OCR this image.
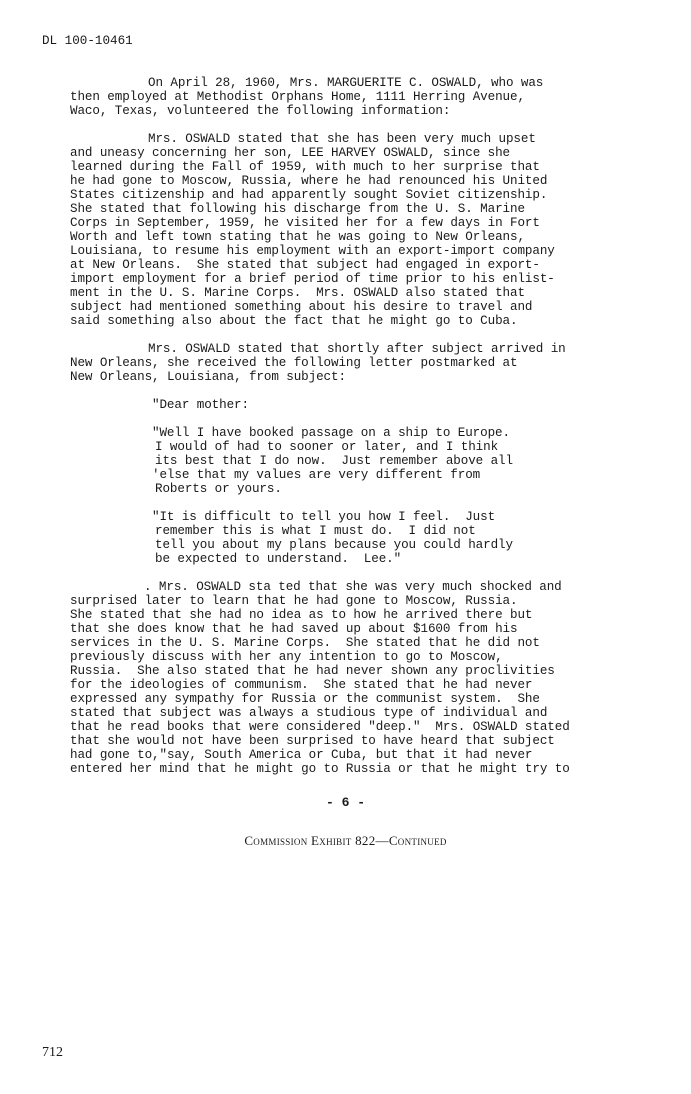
DL 100-10461
On April 28, 1960, Mrs. MARGUERITE C. OSWALD, who was
then employed at Methodist Orphans Home, 1111 Herring Avenue,
Waco, Texas, volunteered the following information:
Mrs. OSWALD stated that she has been very much upset
and uneasy concerning her son, LEE HARVEY OSWALD, since she
learned during the Fall of 1959, with much to her surprise that
he had gone to Moscow, Russia, where he had renounced his United
States citizenship and had apparently sought Soviet citizenship.
She stated that following his discharge from the U. S. Marine
Corps in September, 1959, he visited her for a few days in Fort
Worth and left town stating that he was going to New Orleans,
Louisiana, to resume his employment with an export-import company
at New Orleans.  She stated that subject had engaged in export-
import employment for a brief period of time prior to his enlist-
ment in the U. S. Marine Corps.  Mrs. OSWALD also stated that
subject had mentioned something about his desire to travel and
said something also about the fact that he might go to Cuba.
Mrs. OSWALD stated that shortly after subject arrived in
New Orleans, she received the following letter postmarked at
New Orleans, Louisiana, from subject:
"Dear mother:
"Well I have booked passage on a ship to Europe.
I would of had to sooner or later, and I think
its best that I do now.  Just remember above all
'else that my values are very different from
Roberts or yours.
"It is difficult to tell you how I feel.  Just
remember this is what I must do.  I did not
tell you about my plans because you could hardly
be expected to understand.  Lee."
. Mrs. OSWALD sta ted that she was very much shocked and
surprised later to learn that he had gone to Moscow, Russia.
She stated that she had no idea as to how he arrived there but
that she does know that he had saved up about $1600 from his
services in the U. S. Marine Corps.  She stated that he did not
previously discuss with her any intention to go to Moscow,
Russia.  She also stated that he had never shown any proclivities
for the ideologies of communism.  She stated that he had never
expressed any sympathy for Russia or the communist system.  She
stated that subject was always a studious type of individual and
that he read books that were considered "deep."  Mrs. OSWALD stated
that she would not have been surprised to have heard that subject
had gone to,"say, South America or Cuba, but that it had never
entered her mind that he might go to Russia or that he might try to
- 6 -
Commission Exhibit 822—Continued
712
